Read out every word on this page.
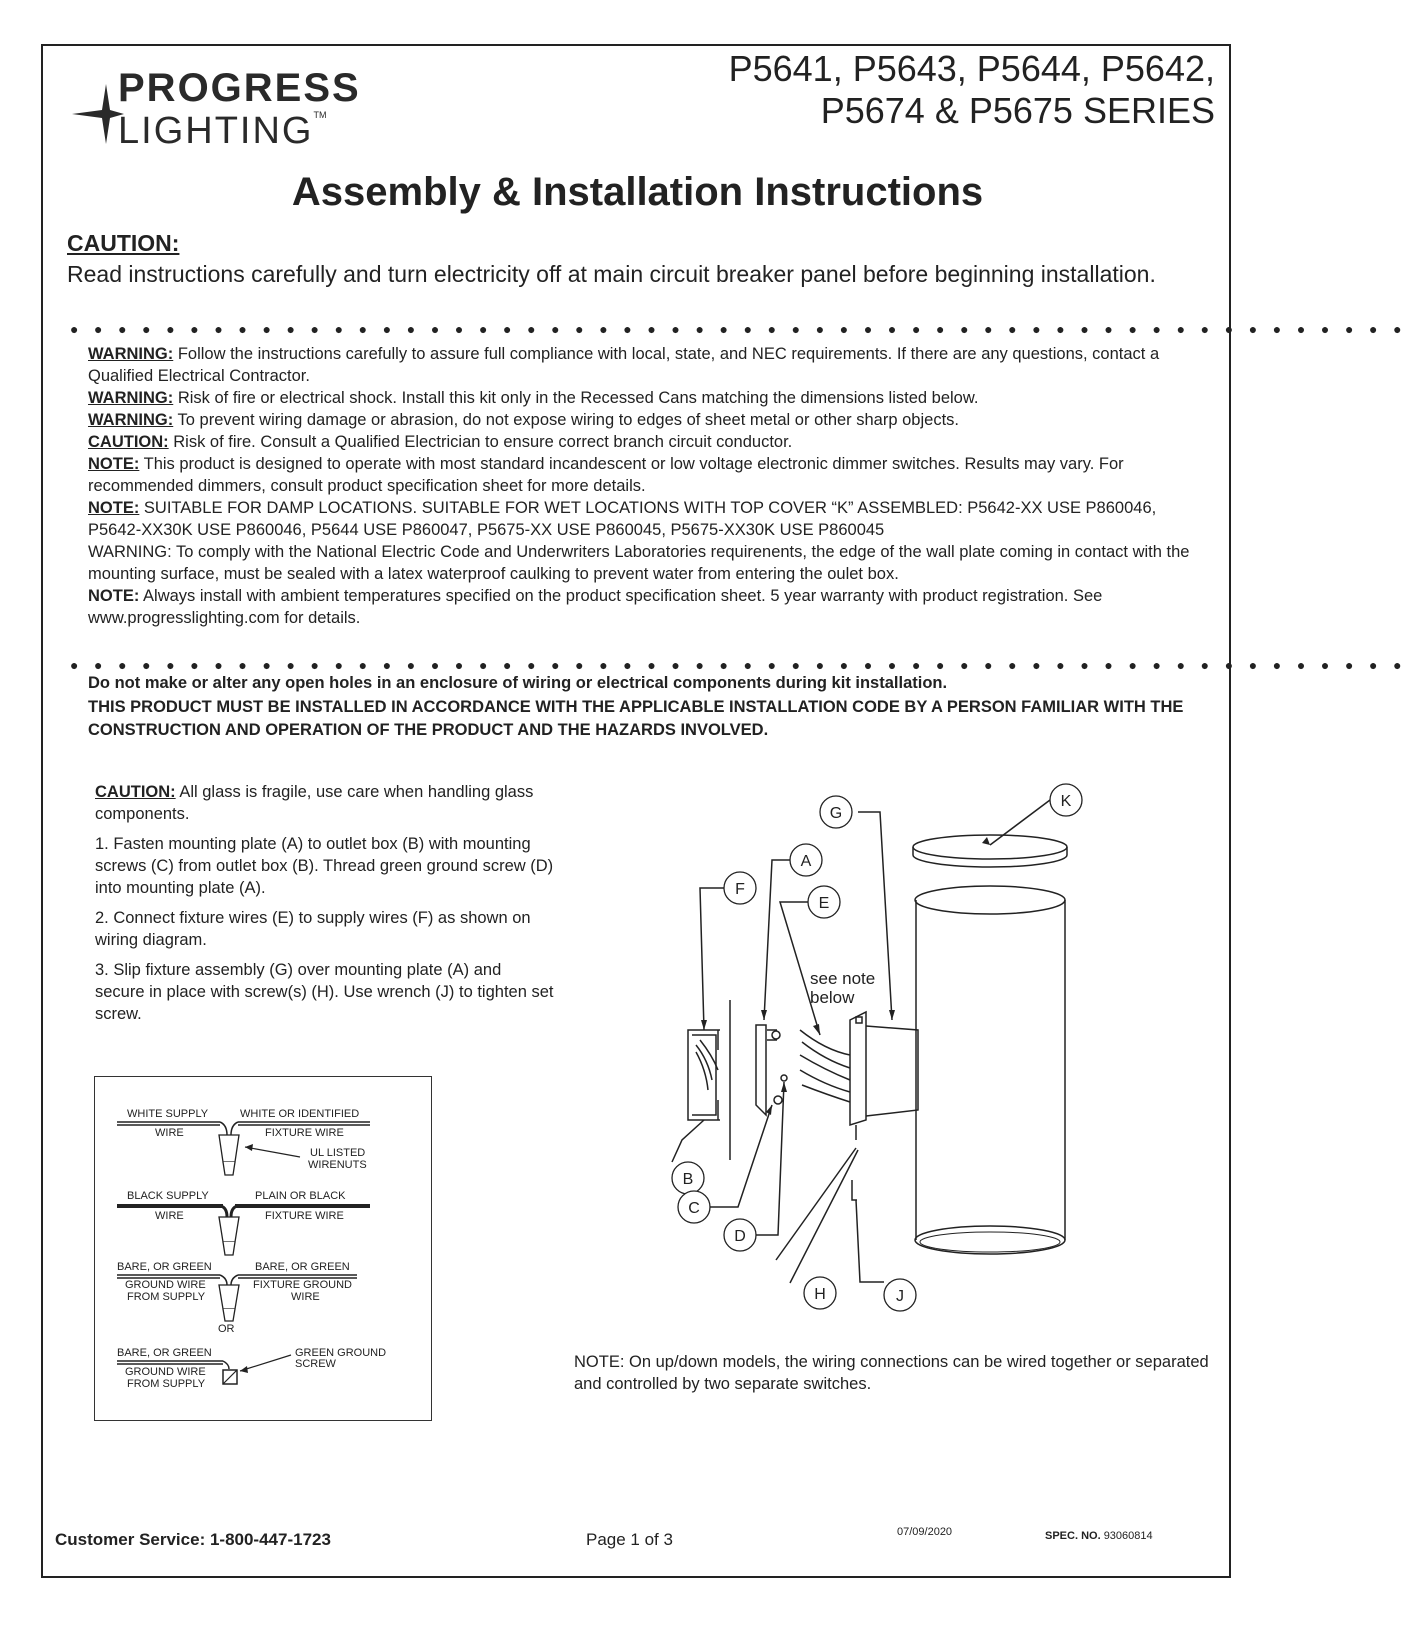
PROGRESS
LIGHTING™
P5641, P5643, P5644, P5642,
P5674 & P5675 SERIES
Assembly & Installation Instructions
CAUTION:
Read instructions carefully and turn electricity off at main circuit breaker panel before beginning installation.
●●●●●●●●●●●●●●●●●●●●●●●●●●●●●●●●●●●●●●●●●●●●●●●●●●●●●●●●

WARNING: Follow the instructions carefully to assure full compliance with local, state, and NEC requirements. If there are any questions, contact a Qualified Electrical Contractor.

WARNING: Risk of fire or electrical shock. Install this kit only in the Recessed Cans matching the dimensions listed below.

WARNING: To prevent wiring damage or abrasion, do not expose wiring to edges of sheet metal or other sharp objects.

CAUTION: Risk of fire. Consult a Qualified Electrician to ensure correct branch circuit conductor.

NOTE: This product is designed to operate with most standard incandescent or low voltage electronic dimmer switches. Results may vary. For recommended dimmers, consult product specification sheet for more details.

NOTE: SUITABLE FOR DAMP LOCATIONS. SUITABLE FOR WET LOCATIONS WITH TOP COVER “K” ASSEMBLED: P5642-XX USE P860046, P5642-XX30K USE P860046, P5644 USE P860047, P5675-XX USE P860045, P5675-XX30K USE P860045

WARNING: To comply with the National Electric Code and Underwriters Laboratories requirenents, the edge of the wall plate coming in contact with the mounting surface, must be sealed with a latex waterproof caulking to prevent water from entering the oulet box.

NOTE: Always install with ambient temperatures specified on the product specification sheet. 5 year warranty with product registration. See www.progresslighting.com for details.

●●●●●●●●●●●●●●●●●●●●●●●●●●●●●●●●●●●●●●●●●●●●●●●●●●●●●●●●

Do not make or alter any open holes in an enclosure of wiring or electrical components during kit installation.

THIS PRODUCT MUST BE INSTALLED IN ACCORDANCE WITH THE APPLICABLE INSTALLATION CODE BY A PERSON FAMILIAR WITH THE CONSTRUCTION AND OPERATION OF THE PRODUCT AND THE HAZARDS INVOLVED.

CAUTION: All glass is fragile, use care when handling glass components.

1. Fasten mounting plate (A) to outlet box (B) with mounting screws (C) from outlet box (B). Thread green ground screw (D) into mounting plate (A).

2. Connect fixture wires (E) to supply wires (F) as shown on wiring diagram.

3. Slip fixture assembly (G) over mounting plate (A) and secure in place with screw(s) (H). Use wrench (J) to tighten set screw.

WHITE SUPPLY
WIRE
WHITE OR IDENTIFIED
FIXTURE WIRE
UL LISTED
WIRENUTS
BLACK SUPPLY
WIRE
PLAIN OR BLACK
FIXTURE WIRE
BARE, OR GREEN
GROUND WIRE
FROM SUPPLY
BARE, OR GREEN
FIXTURE GROUND
WIRE
OR
BARE, OR GREEN
GROUND WIRE
FROM SUPPLY
GREEN GROUND
SCREW
A
B
C
D
E
F
G
H	J
K
see note
below
NOTE: On up/down models, the wiring connections can be wired together or separated and controlled by two separate switches.
Customer Service: 1-800-447-1723	Page 1 of 3	07/09/2020	SPEC. NO. 93060814
